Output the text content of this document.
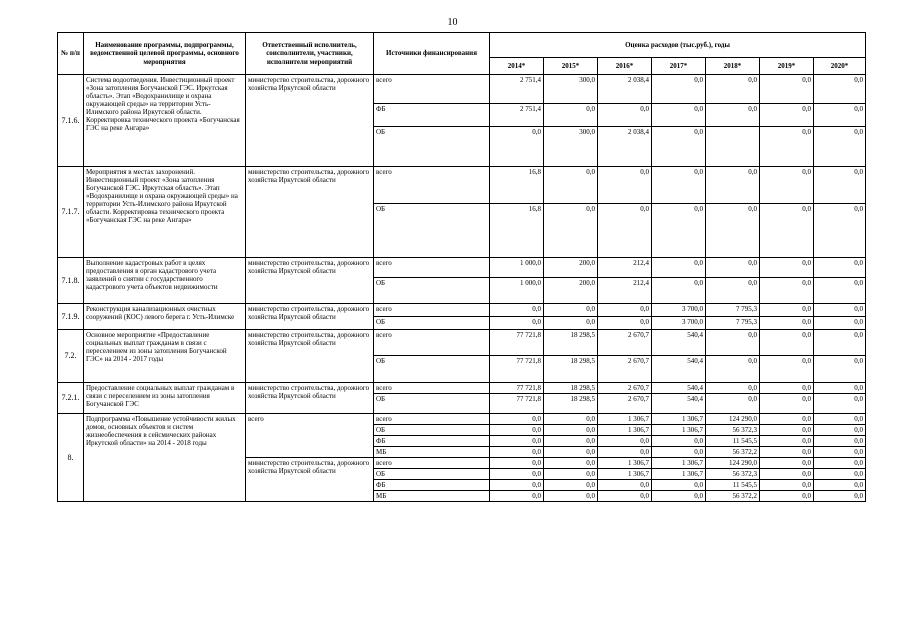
10
№ п/п	Наименование программы, подпрограммы, ведомственной целевой программы, основного мероприятия	Ответственный исполнитель, соисполнители, участники, исполнители мероприятий	Источники финансирования	Оценка расходов (тыс.руб.), годы						
				2014*	2015*	2016*	2017*	2018*	2019*	2020*
7.1.6.	Система водоотведения. Инвестиционный проект «Зона затопления Богучанской ГЭС. Иркутская область». Этап «Водохранилище и охрана окружающей среды» на территории Усть-Илимского района Иркутской области. Корректировка технического проекта «Богучанская ГЭС на реке Ангара»	министерство строительства, дорожного хозяйства Иркутской области	всего	2 751,4	300,0	2 038,4	0,0	0,0	0,0	0,0
			ФБ	2 751,4	0,0	0,0	0,0	0,0	0,0	0,0
			ОБ	0,0	300,0	2 038,4	0,0		0,0	0,0
7.1.7.	Мероприятия в местах захоронений. Инвестиционный проект «Зона затопления Богучанской ГЭС. Иркутская область». Этап «Водохранилище и охрана окружающей среды» на территории Усть-Илимского района Иркутской области. Корректировка технического проекта «Богучанская ГЭС на реке Ангара»	министерство строительства, дорожного хозяйства Иркутской области	всего	16,8	0,0	0,0	0,0	0,0	0,0	0,0
			ОБ	16,8	0,0	0,0	0,0	0,0	0,0	0,0
7.1.8.	Выполнение кадастровых работ в целях предоставления в орган кадастрового учета заявлений о снятии с государственного кадастрового учета объектов недвижимости	министерство строительства, дорожного хозяйства Иркутской области	всего	1 000,0	200,0	212,4	0,0	0,0	0,0	0,0
			ОБ	1 000,0	200,0	212,4	0,0	0,0	0,0	0,0
7.1.9.	Реконструкция канализационных очистных сооружений (КОС) левого берега г. Усть-Илимске	министерство строительства, дорожного хозяйства Иркутской области	всего	0,0	0,0	0,0	3 700,0	7 795,3	0,0	0,0
			ОБ	0,0	0,0	0,0	3 700,0	7 795,3	0,0	0,0
7.2.	Основное мероприятие «Предоставление социальных выплат гражданам в связи с переселением из зоны затопления Богучанской ГЭС» на 2014 - 2017 годы	министерство строительства, дорожного хозяйства Иркутской области	всего	77 721,8	18 298,5	2 670,7	540,4	0,0	0,0	0,0
			ОБ	77 721,8	18 298,5	2 670,7	540,4	0,0	0,0	0,0
7.2.1.	Предоставление социальных выплат гражданам в связи с переселением из зоны затопления Богучанской ГЭС	министерство строительства, дорожного хозяйства Иркутской области	всего	77 721,8	18 298,5	2 670,7	540,4	0,0	0,0	0,0
			ОБ	77 721,8	18 298,5	2 670,7	540,4	0,0	0,0	0,0
8.	Подпрограмма «Повышение устойчивости жилых домов, основных объектов и систем жизнеобеспечения в сейсмических районах Иркутской области» на 2014 - 2018 годы	всего	всего	0,0	0,0	1 306,7	1 306,7	124 290,0	0,0	0,0
			ОБ	0,0	0,0	1 306,7	1 306,7	56 372,3	0,0	0,0
			ФБ	0,0	0,0	0,0	0,0	11 545,5	0,0	0,0
			МБ	0,0	0,0	0,0	0,0	56 372,2	0,0	0,0
		министерство строительства, дорожного хозяйства Иркутской области	всего	0,0	0,0	1 306,7	1 306,7	124 290,0	0,0	0,0
			ОБ	0,0	0,0	1 306,7	1 306,7	56 372,3	0,0	0,0
			ФБ	0,0	0,0	0,0	0,0	11 545,5	0,0	0,0
			МБ	0,0	0,0	0,0	0,0	56 372,2	0,0	0,0
